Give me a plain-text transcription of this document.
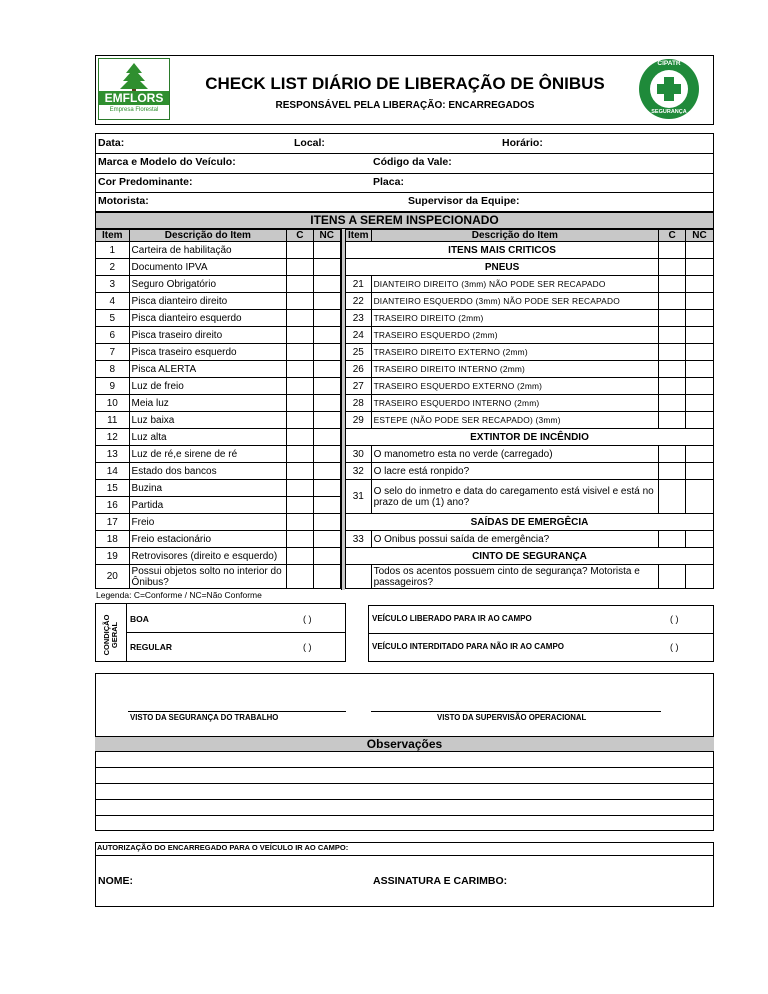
EMFLORS
Empresa Florestal
CHECK LIST DIÁRIO DE LIBERAÇÃO DE ÔNIBUS
RESPONSÁVEL PELA LIBERAÇÃO: ENCARREGADOS
CIPATR
SEGURANÇA
Data:	Local:	Horário:
Marca e Modelo do Veículo:	Código da Vale:
Cor Predominante:	Placa:
Motorista:	Supervisor da Equipe:
ITENS A SEREM INSPECIONADO
Item	Descrição do Item	C	NC
1	Carteira de habilitação		
2	Documento IPVA		
3	Seguro Obrigatório		
4	Pisca dianteiro direito		
5	Pisca dianteiro esquerdo		
6	Pisca traseiro direito		
7	Pisca traseiro esquerdo		
8	Pisca ALERTA		
9	Luz de freio		
10	Meia luz		
11	Luz baixa		
12	Luz alta		
13	Luz de ré,e sirene de ré		
14	Estado dos bancos		
15	Buzina		
16	Partida		
17	Freio		
18	Freio estacionário		
19	Retrovisores (direito e esquerdo)		
20	Possui objetos solto no interior do Ônibus?		
Item	Descrição do Item	C	NC
ITENS MAIS CRITICOS			
PNEUS			
21	DIANTEIRO DIREITO (3mm) NÃO PODE SER RECAPADO		
22	DIANTEIRO ESQUERDO (3mm) NÃO PODE SER RECAPADO		
23	TRASEIRO DIREITO (2mm)		
24	TRASEIRO ESQUERDO (2mm)		
25	TRASEIRO DIREITO EXTERNO (2mm)		
26	TRASEIRO DIREITO INTERNO (2mm)		
27	TRASEIRO ESQUERDO EXTERNO (2mm)		
28	TRASEIRO ESQUERDO INTERNO (2mm)		
29	ESTEPE (NÃO PODE SER RECAPADO) (3mm)		
EXTINTOR DE INCÊNDIO			
30	O manometro esta no verde (carregado)		
32	O lacre está ronpido?		
31	O selo do inmetro e data do caregamento está visivel e está no prazo de um (1) ano?		
SAÍDAS DE EMERGÊCIA			
33	O Onibus possui saída de emergência?		
CINTO DE SEGURANÇA			
	Todos os acentos possuem cinto de segurança? Motorista e passageiros?		
Legenda: C=Conforme / NC=Não Conforme
CONDIÇÃO GERAL
BOA	( )
REGULAR	( )
VEÍCULO LIBERADO PARA IR AO CAMPO	( )
VEÍCULO INTERDITADO PARA NÃO IR AO CAMPO	( )
VISTO DA SEGURANÇA DO TRABALHO	VISTO DA SUPERVISÃO OPERACIONAL
Observações
AUTORIZAÇÃO DO ENCARREGADO PARA O VEÍCULO IR AO CAMPO:
NOME:	ASSINATURA E CARIMBO:
